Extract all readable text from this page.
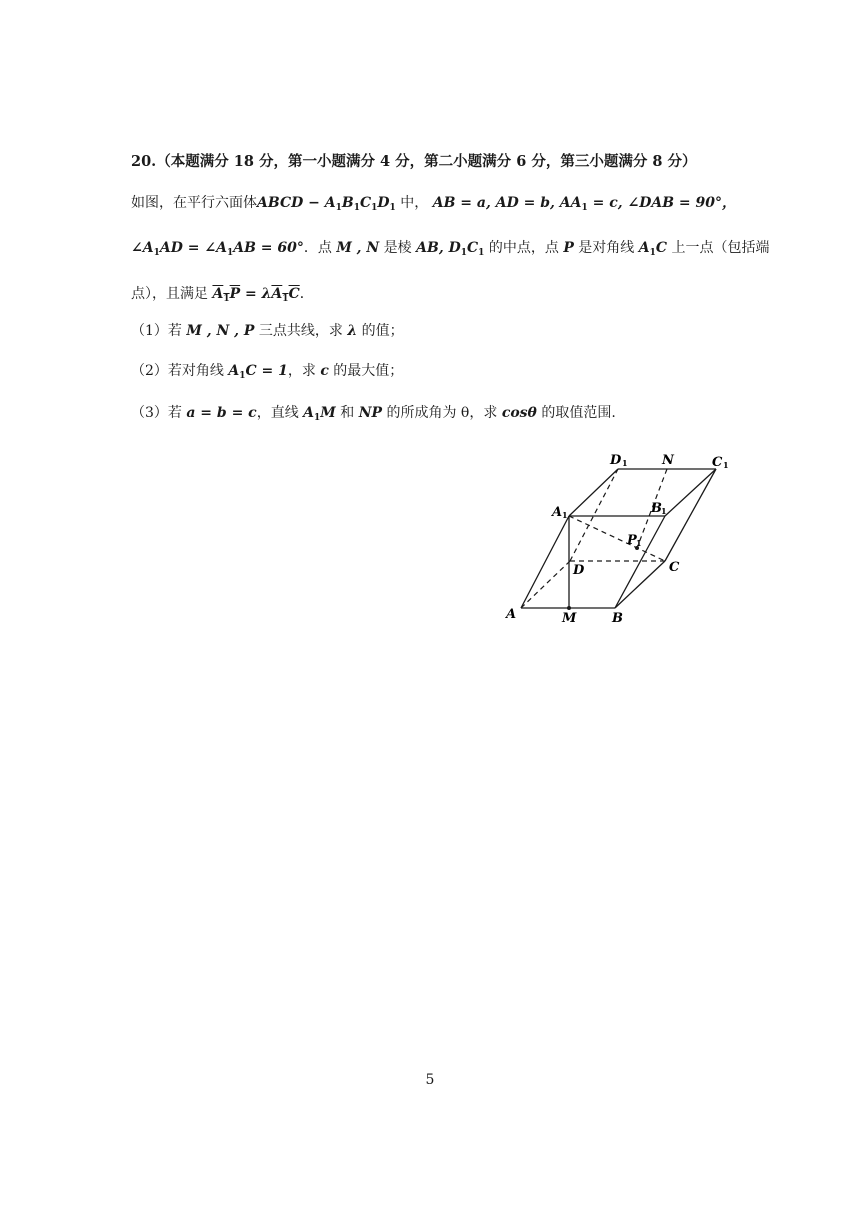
20.（本题满分 18 分，第一小题满分 4 分，第二小题满分 6 分，第三小题满分 8 分）
如图，在平行六面体ABCD − $A_1B_1C_1D_1$ 中， AB = a, AD = b, $AA_1 = c$, ∠DAB = 90°，
$\angle A_1AD$ = $\angle A_1AB = 60^\circ$．点 M , N 是棱 AB, $D_1C_1$ 的中点，点 P 是对角线 $A_1C$ 上一点（包括端
点），且满足 $A_1P = \lambda A_1C$．
（1）若 M , N , P 三点共线，求 λ 的值；
（2）若对角线 $A_1C = 1$，求 c 的最大值；
（3）若 a = b = c，直线 $A_1M$ 和 NP 的所成角为 θ，求 cosθ 的取值范围.
D 1	N	C 1
A 1	B 1
P 1
D	C
A	M	B
5
